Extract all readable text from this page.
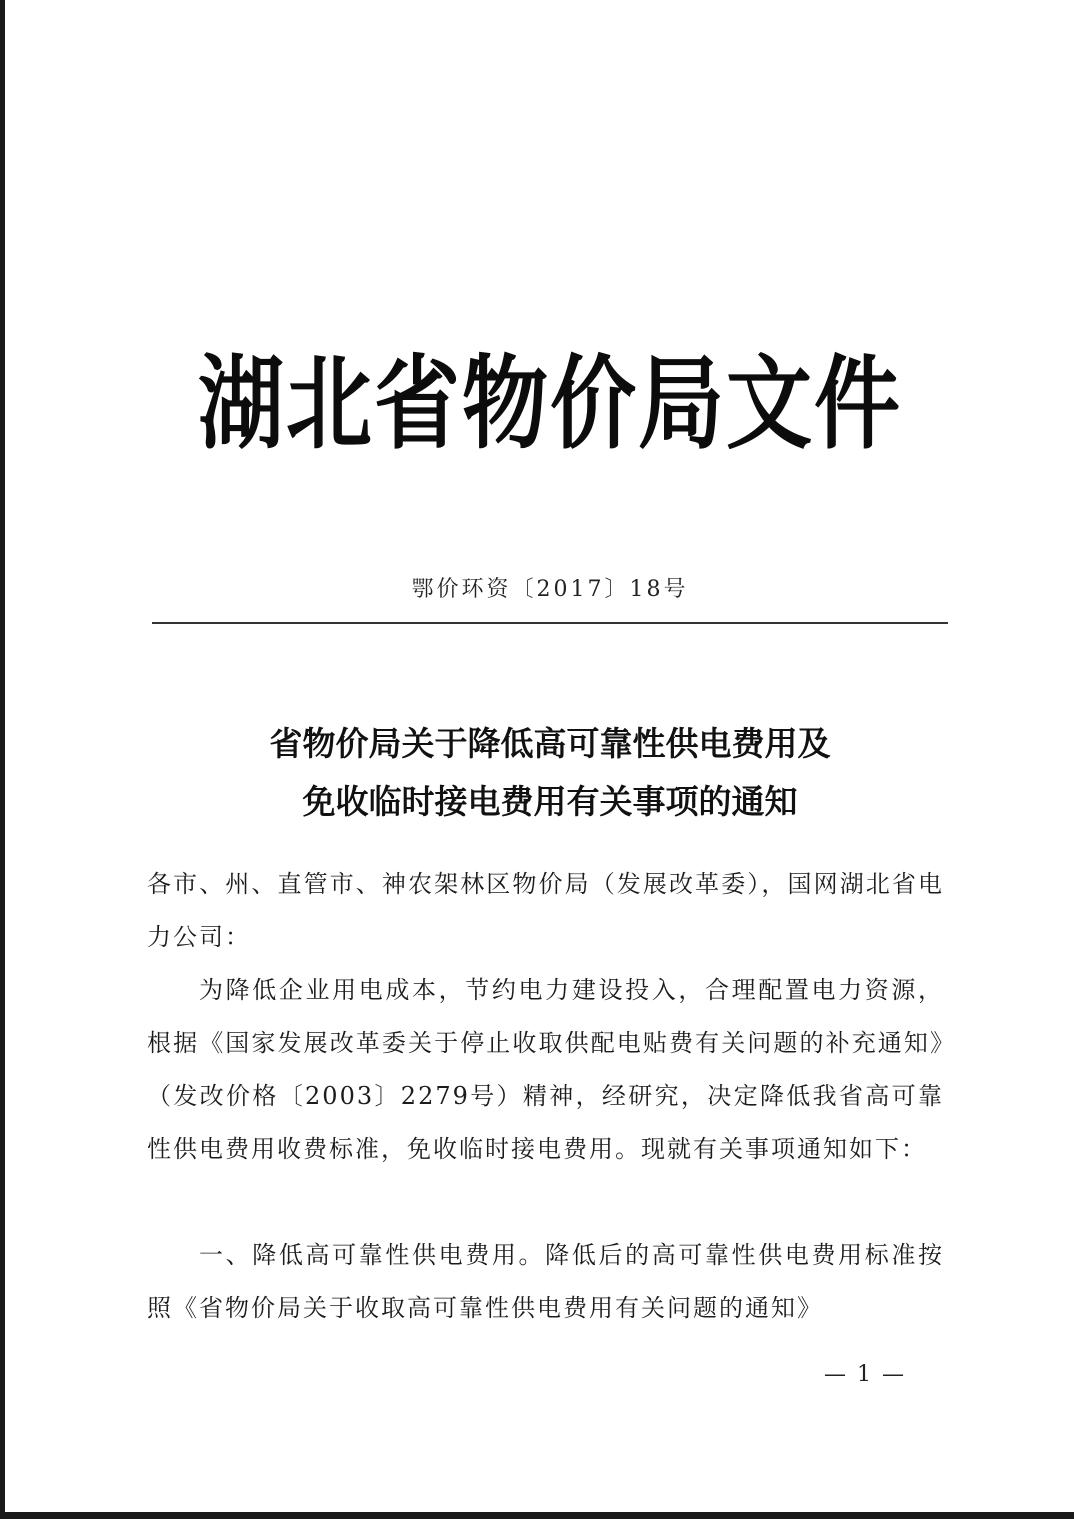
湖北省物价局文件
鄂价环资〔2017〕18号
省物价局关于降低高可靠性供电费用及
免收临时接电费用有关事项的通知
各市、州、直管市、神农架林区物价局（发展改革委），国网湖北省电力公司：
为降低企业用电成本，节约电力建设投入，合理配置电力资源，根据《国家发展改革委关于停止收取供配电贴费有关问题的补充通知》（发改价格〔2003〕2279号）精神，经研究，决定降低我省高可靠性供电费用收费标准，免收临时接电费用。现就有关事项通知如下：
一、降低高可靠性供电费用。降低后的高可靠性供电费用标准按照《省物价局关于收取高可靠性供电费用有关问题的通知》
— 1 —
